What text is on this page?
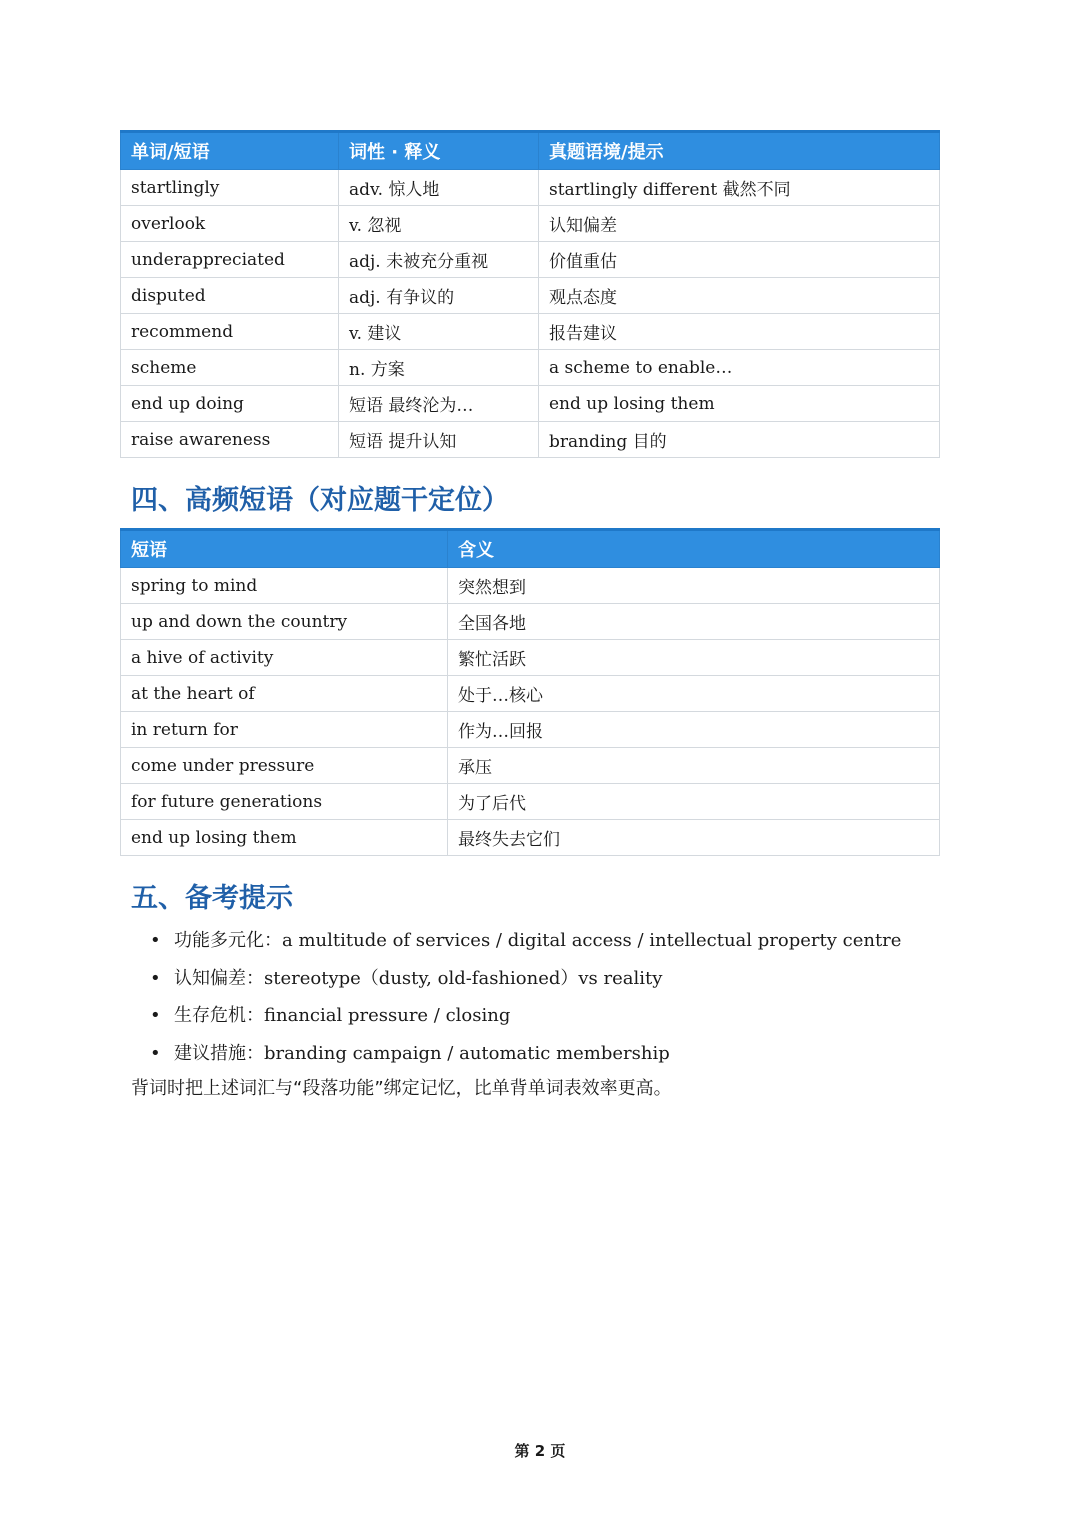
单词/短语	词性 · 释义	真题语境/提示
startlingly	adv. 惊人地	startlingly different 截然不同
overlook	v. 忽视	认知偏差
underappreciated	adj. 未被充分重视	价值重估
disputed	adj. 有争议的	观点态度
recommend	v. 建议	报告建议
scheme	n. 方案	a scheme to enable…
end up doing	短语 最终沦为…	end up losing them
raise awareness	短语 提升认知	branding 目的
四、高频短语（对应题干定位）
短语	含义
spring to mind	突然想到
up and down the country	全国各地
a hive of activity	繁忙活跃
at the heart of	处于…核心
in return for	作为…回报
come under pressure	承压
for future generations	为了后代
end up losing them	最终失去它们
五、备考提示
• 功能多元化：a multitude of services / digital access / intellectual property centre
• 认知偏差：stereotype（dusty, old-fashioned）vs reality
• 生存危机：financial pressure / closing
• 建议措施：branding campaign / automatic membership

背词时把上述词汇与“段落功能”绑定记忆，比单背单词表效率更高。

第 2 页
